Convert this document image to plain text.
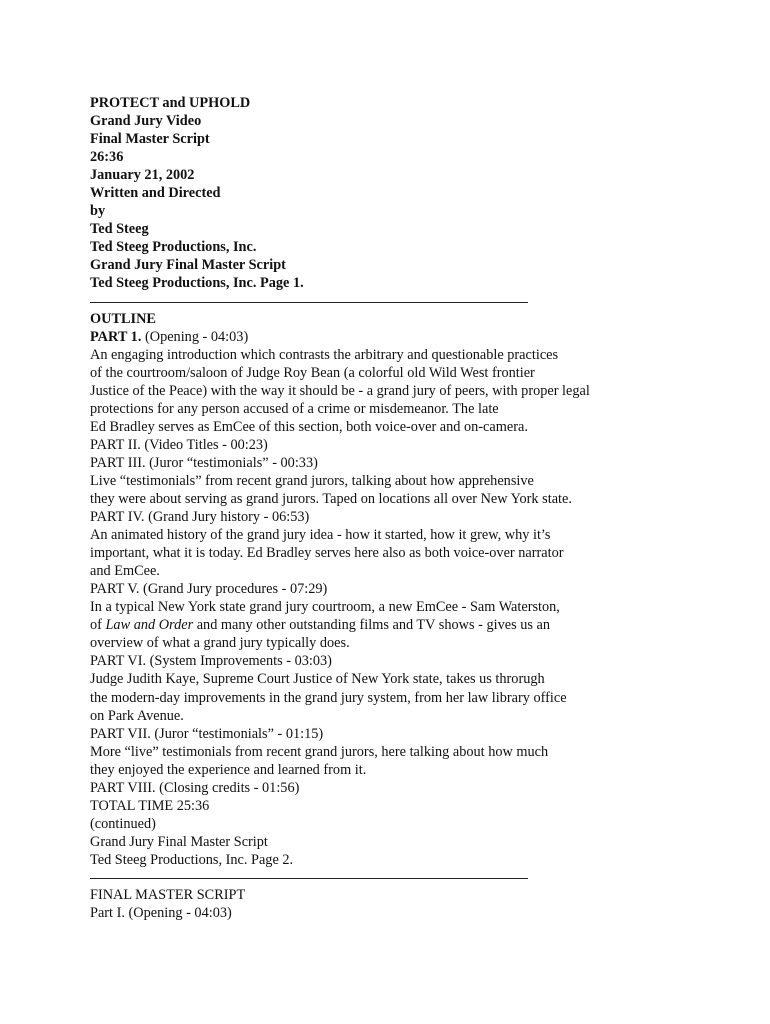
PROTECT and UPHOLD
Grand Jury Video
Final Master Script
26:36
January 21, 2002
Written and Directed
by
Ted Steeg
Ted Steeg Productions, Inc.
Grand Jury Final Master Script
Ted Steeg Productions, Inc. Page 1.
OUTLINE
PART 1. (Opening - 04:03)
An engaging introduction which contrasts the arbitrary and questionable practices
of the courtroom/saloon of Judge Roy Bean (a colorful old Wild West frontier
Justice of the Peace) with the way it should be - a grand jury of peers, with proper legal
protections for any person accused of a crime or misdemeanor. The late
Ed Bradley serves as EmCee of this section, both voice-over and on-camera.
PART II. (Video Titles - 00:23)
PART III. (Juror “testimonials” - 00:33)
Live “testimonials” from recent grand jurors, talking about how apprehensive
they were about serving as grand jurors. Taped on locations all over New York state.
PART IV. (Grand Jury history - 06:53)
An animated history of the grand jury idea - how it started, how it grew, why it’s
important, what it is today. Ed Bradley serves here also as both voice-over narrator
and EmCee.
PART V. (Grand Jury procedures - 07:29)
In a typical New York state grand jury courtroom, a new EmCee - Sam Waterston,
of Law and Order and many other outstanding films and TV shows - gives us an
overview of what a grand jury typically does.
PART VI. (System Improvements - 03:03)
Judge Judith Kaye, Supreme Court Justice of New York state, takes us throrugh
the modern-day improvements in the grand jury system, from her law library office
on Park Avenue.
PART VII. (Juror “testimonials” - 01:15)
More “live” testimonials from recent grand jurors, here talking about how much
they enjoyed the experience and learned from it.
PART VIII. (Closing credits - 01:56)
TOTAL TIME 25:36
(continued)
Grand Jury Final Master Script
Ted Steeg Productions, Inc. Page 2.
FINAL MASTER SCRIPT
Part I. (Opening - 04:03)
